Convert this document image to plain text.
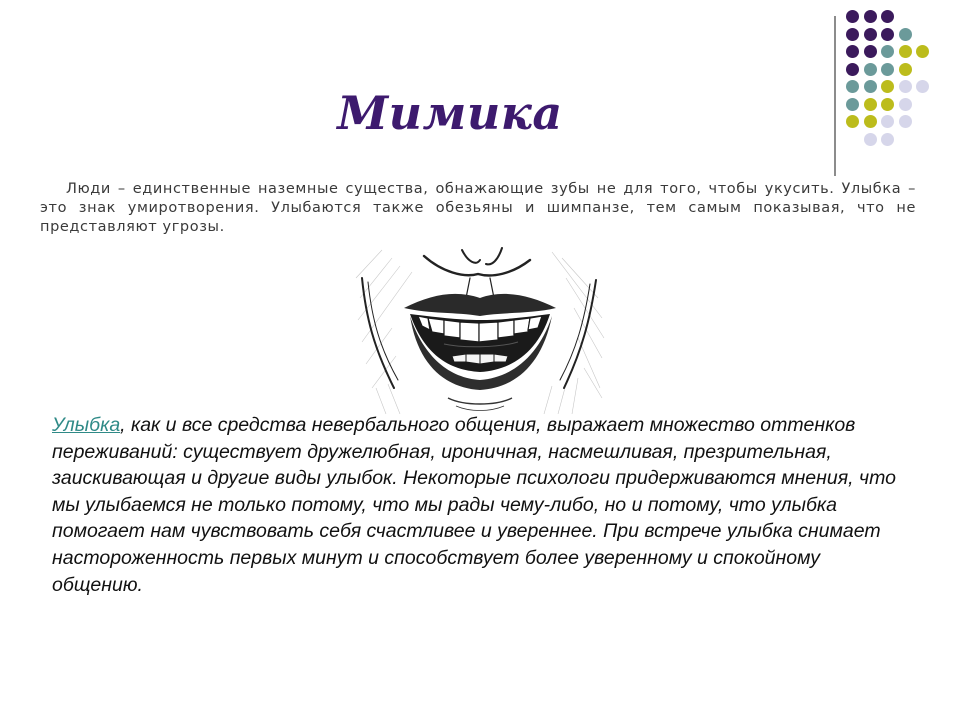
Мимика
Люди – единственные наземные существа, обнажающие зубы не для того, чтобы укусить. Улыбка – это знак умиротворения. Улыбаются также обезьяны и шимпанзе, тем самым показывая, что не представляют угрозы.
Улыбка, как и все средства невербального общения, выражает множество оттенков переживаний: существует дружелюбная, ироничная, насмешливая, презрительная, заискивающая и другие виды улыбок. Некоторые психологи придерживаются мнения, что мы улыбаемся не только потому, что мы рады чему-либо, но и потому, что улыбка помогает нам чувствовать себя счастливее и увереннее. При встрече улыбка снимает настороженность первых минут и способствует более уверенному и спокойному общению.
